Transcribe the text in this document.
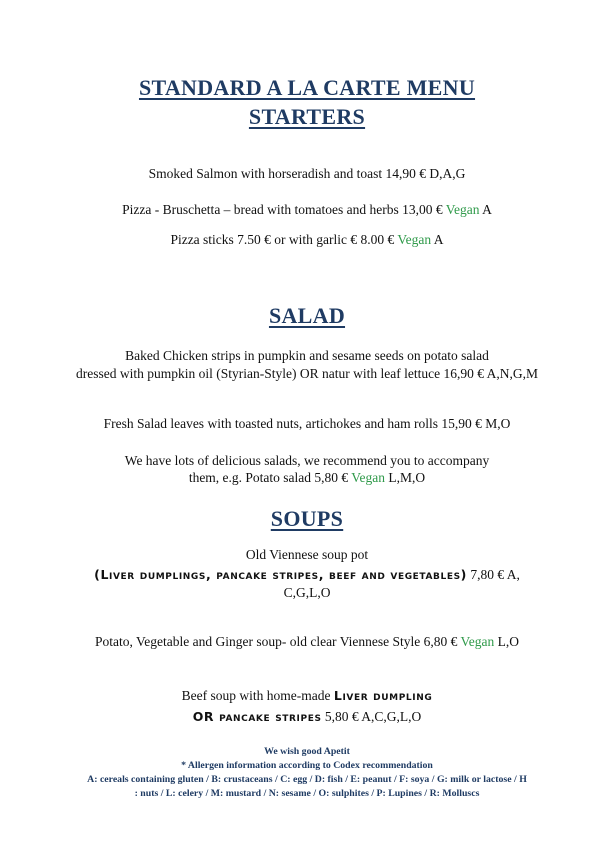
STANDARD A LA CARTE MENU
STARTERS
Smoked Salmon with horseradish and toast 14,90 € D,A,G
Pizza - Bruschetta – bread with tomatoes and herbs 13,00 € Vegan A
Pizza sticks 7.50 € or with garlic € 8.00 € Vegan A
SALAD
Baked Chicken strips in pumpkin and sesame seeds on potato salad
dressed with pumpkin oil (Styrian-Style) OR natur with leaf lettuce 16,90 € A,N,G,M
Fresh Salad leaves with toasted nuts, artichokes and ham rolls 15,90 € M,O
We have lots of delicious salads, we recommend you to accompany
them, e.g. Potato salad 5,80 € Vegan L,M,O
SOUPS
Old Viennese soup pot
(Liver dumplings, pancake stripes, beef and vegetables) 7,80 € A,
C,G,L,O
Potato, Vegetable and Ginger soup- old clear Viennese Style 6,80 € Vegan L,O
Beef soup with home-made Liver dumpling
OR pancake stripes 5,80 € A,C,G,L,O
We wish good Apetit
* Allergen information according to Codex recommendation
A: cereals containing gluten / B: crustaceans / C: egg / D: fish / E: peanut / F: soya / G: milk or lactose / H
: nuts / L: celery / M: mustard / N: sesame / O: sulphites / P: Lupines / R: Molluscs
